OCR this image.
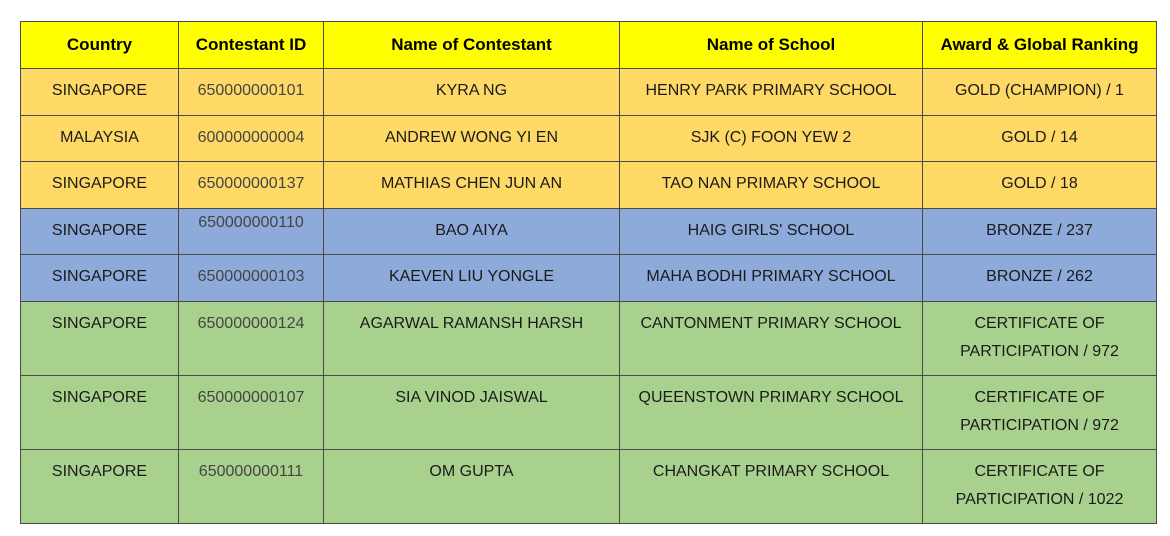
Country	Contestant ID	Name of Contestant	Name of School	Award & Global Ranking
SINGAPORE	650000000101	KYRA NG	HENRY PARK PRIMARY SCHOOL	GOLD (CHAMPION) / 1
MALAYSIA	600000000004	ANDREW WONG YI EN	SJK (C) FOON YEW 2	GOLD / 14
SINGAPORE	650000000137	MATHIAS CHEN JUN AN	TAO NAN PRIMARY SCHOOL	GOLD / 18
SINGAPORE	650000000110	BAO AIYA	HAIG GIRLS' SCHOOL	BRONZE / 237
SINGAPORE	650000000103	KAEVEN LIU YONGLE	MAHA BODHI PRIMARY SCHOOL	BRONZE / 262
SINGAPORE	650000000124	AGARWAL RAMANSH HARSH	CANTONMENT PRIMARY SCHOOL	CERTIFICATE OF PARTICIPATION / 972
SINGAPORE	650000000107	SIA VINOD JAISWAL	QUEENSTOWN PRIMARY SCHOOL	CERTIFICATE OF PARTICIPATION / 972
SINGAPORE	650000000111	OM GUPTA	CHANGKAT PRIMARY SCHOOL	CERTIFICATE OF PARTICIPATION / 1022
